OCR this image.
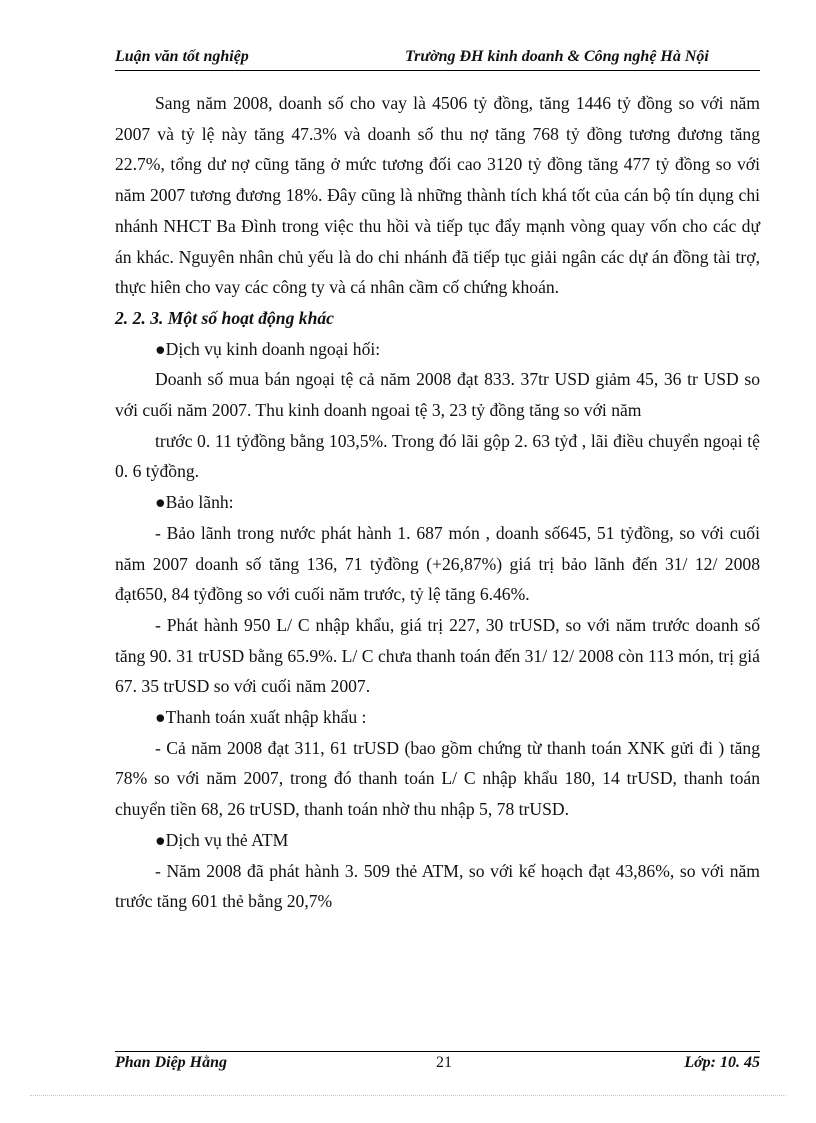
Luận văn tốt nghiệp	Trường ĐH kinh doanh & Công nghệ Hà Nội

Sang năm 2008, doanh số cho vay là 4506 tỷ đồng, tăng 1446 tỷ đồng so với năm 2007 và tỷ lệ này tăng 47.3% và doanh số thu nợ tăng 768 tỷ đồng tương đương tăng 22.7%, tổng dư nợ cũng tăng ở mức tương đối cao 3120 tỷ đồng tăng 477 tỷ đồng so với năm 2007 tương đương 18%. Đây cũng là những thành tích khá tốt của cán bộ tín dụng chi nhánh NHCT Ba Đình trong việc thu hồi và tiếp tục đẩy mạnh vòng quay vốn cho các dự án khác. Nguyên nhân chủ yếu là do chi nhánh đã tiếp tục giải ngân các dự án đồng tài trợ, thực hiên cho vay các công ty và cá nhân cầm cố chứng khoán.

2. 2. 3. Một số hoạt động khác

●Dịch vụ kinh doanh ngoại hối:

Doanh số mua bán ngoại tệ cả năm 2008 đạt 833. 37tr USD giảm 45, 36 tr USD so với cuối năm 2007. Thu kinh doanh ngoai tệ 3, 23 tỷ đồng tăng so với năm

trước 0. 11 tỷđồng bằng 103,5%. Trong đó lãi gộp 2. 63 tỷđ , lãi điều chuyển ngoại tệ 0. 6 tỷđồng.

●Bảo lãnh:

- Bảo lãnh trong nước phát hành 1. 687 món , doanh số645, 51 tỷđồng, so với cuối năm 2007 doanh số tăng 136, 71 tỷđồng (+26,87%) giá trị bảo lãnh đến 31/ 12/ 2008 đạt650, 84 tỷđồng so với cuối năm trước, tỷ lệ tăng 6.46%.

- Phát hành 950 L/ C nhập khẩu, giá trị 227, 30 trUSD, so với năm trước doanh số tăng 90. 31 trUSD bằng 65.9%. L/ C chưa thanh toán đến 31/ 12/ 2008 còn 113 món, trị giá 67. 35 trUSD so với cuối năm 2007.

●Thanh toán xuất nhập khẩu :

- Cả năm 2008 đạt 311, 61 trUSD (bao gồm chứng từ thanh toán XNK gửi đi ) tăng 78% so với năm 2007, trong đó thanh toán L/ C nhập khẩu 180, 14 trUSD, thanh toán chuyển tiền 68, 26 trUSD, thanh toán nhờ thu nhập 5, 78 trUSD.

●Dịch vụ thẻ ATM

- Năm 2008 đã phát hành 3. 509 thẻ ATM, so với kế hoạch đạt 43,86%, so với năm trước tăng 601 thẻ bằng 20,7%

Phan Diệp Hằng	21	Lớp: 10. 45
